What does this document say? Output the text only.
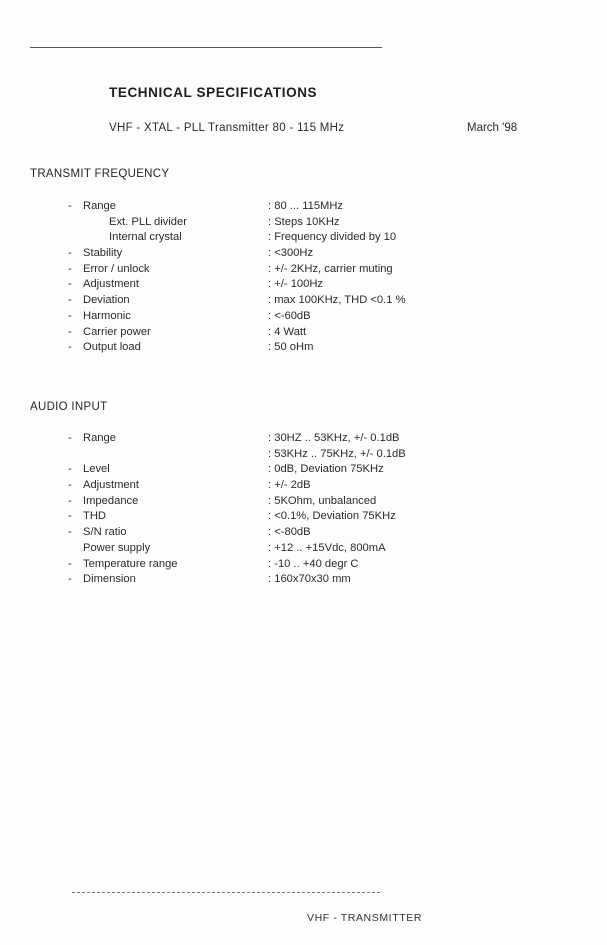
TECHNICAL SPECIFICATIONS
VHF - XTAL - PLL Transmitter 80 - 115 MHz	March '98
TRANSMIT FREQUENCY
- Range	: 80 ... 115MHz
Ext. PLL divider	: Steps 10KHz
Internal crystal	: Frequency divided by 10
- Stability	: <300Hz
- Error / unlock	: +/- 2KHz, carrier muting
- Adjustment	: +/- 100Hz
- Deviation	: max 100KHz, THD <0.1 %
- Harmonic	: <-60dB
- Carrier power	: 4 Watt
- Output load	: 50 oHm
AUDIO INPUT
- Range	: 30HZ .. 53KHz, +/- 0.1dB
: 53KHz .. 75KHz, +/- 0.1dB
- Level	: 0dB, Deviation 75KHz
- Adjustment	: +/- 2dB
- Impedance	: 5KOhm, unbalanced
- THD	: <0.1%, Deviation 75KHz
- S/N ratio	: <-80dB
Power supply	: +12 .. +15Vdc, 800mA
- Temperature range	: -10 .. +40 degr C
- Dimension	: 160x70x30 mm
VHF - TRANSMITTER
